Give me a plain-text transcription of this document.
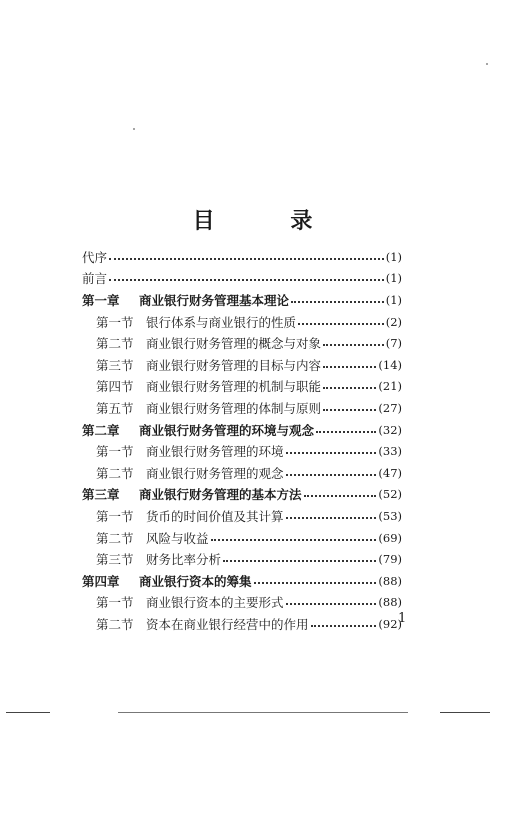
目 录
代序	(1)
前言	(1)
第一章 商业银行财务管理基本理论	(1)
第一节 银行体系与商业银行的性质	(2)
第二节 商业银行财务管理的概念与对象	(7)
第三节 商业银行财务管理的目标与内容	(14)
第四节 商业银行财务管理的机制与职能	(21)
第五节 商业银行财务管理的体制与原则	(27)
第二章 商业银行财务管理的环境与观念	(32)
第一节 商业银行财务管理的环境	(33)
第二节 商业银行财务管理的观念	(47)
第三章 商业银行财务管理的基本方法	(52)
第一节 货币的时间价值及其计算	(53)
第二节 风险与收益	(69)
第三节 财务比率分析	(79)
第四章 商业银行资本的筹集	(88)
第一节 商业银行资本的主要形式	(88)
第二节 资本在商业银行经营中的作用	(92)
1
